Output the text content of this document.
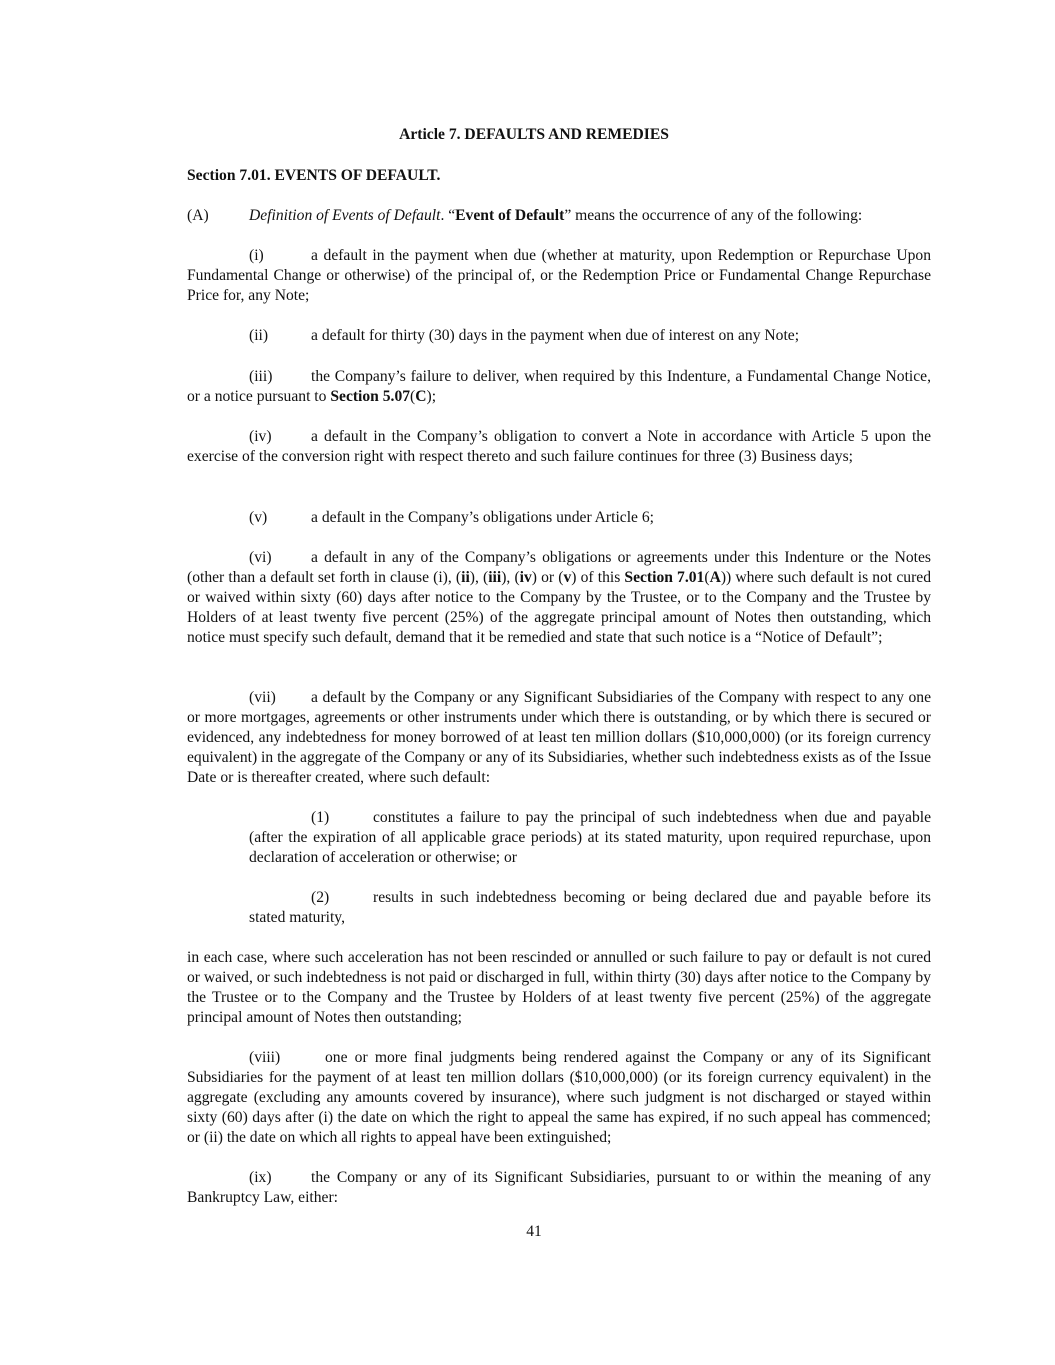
Article 7. DEFAULTS AND REMEDIES
Section 7.01. EVENTS OF DEFAULT.
(A)	Definition of Events of Default. “Event of Default” means the occurrence of any of the following:
(i)	a default in the payment when due (whether at maturity, upon Redemption or Repurchase Upon Fundamental Change or otherwise) of the principal of, or the Redemption Price or Fundamental Change Repurchase Price for, any Note;
(ii)	a default for thirty (30) days in the payment when due of interest on any Note;
(iii) the Company’s failure to deliver, when required by this Indenture, a Fundamental Change Notice, or a notice pursuant to Section 5.07(C);
(iv)	a default in the Company’s obligation to convert a Note in accordance with Article 5 upon the exercise of the conversion right with respect thereto and such failure continues for three (3) Business days;
(v)	a default in the Company’s obligations under Article 6;
(vi)	a default in any of the Company’s obligations or agreements under this Indenture or the Notes (other than a default set forth in clause (i), (ii), (iii), (iv) or (v) of this Section 7.01(A)) where such default is not cured or waived within sixty (60) days after notice to the Company by the Trustee, or to the Company and the Trustee by Holders of at least twenty five percent (25%) of the aggregate principal amount of Notes then outstanding, which notice must specify such default, demand that it be remedied and state that such notice is a “Notice of Default”;
(vii) a default by the Company or any Significant Subsidiaries of the Company with respect to any one or more mortgages, agreements or other instruments under which there is outstanding, or by which there is secured or evidenced, any indebtedness for money borrowed of at least ten million dollars ($10,000,000) (or its foreign currency equivalent) in the aggregate of the Company or any of its Subsidiaries, whether such indebtedness exists as of the Issue Date or is thereafter created, where such default:
(1)	constitutes a failure to pay the principal of such indebtedness when due and payable (after the expiration of all applicable grace periods) at its stated maturity, upon required repurchase, upon declaration of acceleration or otherwise; or
(2)	results in such indebtedness becoming or being declared due and payable before its stated maturity,
in each case, where such acceleration has not been rescinded or annulled or such failure to pay or default is not cured or waived, or such indebtedness is not paid or discharged in full, within thirty (30) days after notice to the Company by the Trustee or to the Company and the Trustee by Holders of at least twenty five percent (25%) of the aggregate principal amount of Notes then outstanding;
(viii)	one or more final judgments being rendered against the Company or any of its Significant Subsidiaries for the payment of at least ten million dollars ($10,000,000) (or its foreign currency equivalent) in the aggregate (excluding any amounts covered by insurance), where such judgment is not discharged or stayed within sixty (60) days after (i) the date on which the right to appeal the same has expired, if no such appeal has commenced; or (ii) the date on which all rights to appeal have been extinguished;
(ix)	the Company or any of its Significant Subsidiaries, pursuant to or within the meaning of any Bankruptcy Law, either:
41
